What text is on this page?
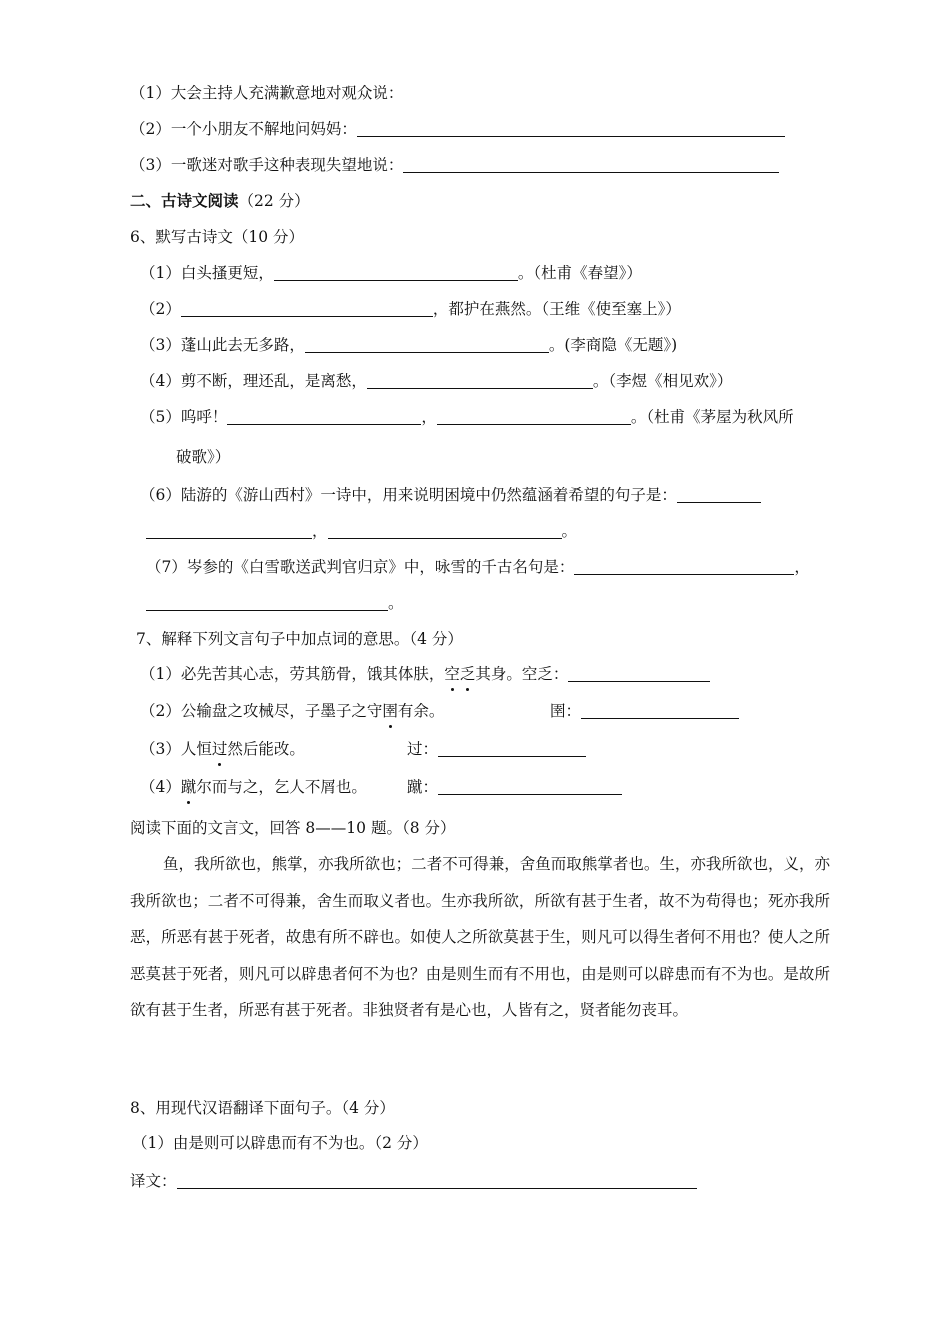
（1）大会主持人充满歉意地对观众说：
（2）一个小朋友不解地问妈妈：
（3）一歌迷对歌手这种表现失望地说：
二、古诗文阅读（22 分）
6、默写古诗文（10 分）
（1）白头搔更短，	。（杜甫《春望》）
（2）	，都护在燕然。（王维《使至塞上》）
（3）蓬山此去无多路，	。(李商隐《无题》)
（4）剪不断，理还乱，是离愁，	。（李煜《相见欢》）
（5）呜呼！	，	。（杜甫《茅屋为秋风所
破歌》）
（6）陆游的《游山西村》一诗中，用来说明困境中仍然蕴涵着希望的句子是：
，	。
（7）岑参的《白雪歌送武判官归京》中，咏雪的千古名句是：	，
。
7、解释下列文言句子中加点词的意思。（4 分）
（1）必先苦其心志，劳其筋骨，饿其体肤，空乏其身。空乏：
（2）公输盘之攻械尽，子墨子之守圉有余。	圉：
（3）人恒过然后能改。	过：
（4）蹴尔而与之，乞人不屑也。	蹴：
阅读下面的文言文，回答 8——10 题。（8 分）
鱼，我所欲也，熊掌，亦我所欲也；二者不可得兼，舍鱼而取熊掌者也。生，亦我所欲也，义，亦我所欲也；二者不可得兼，舍生而取义者也。生亦我所欲，所欲有甚于生者，故不为苟得也；死亦我所恶，所恶有甚于死者，故患有所不辟也。如使人之所欲莫甚于生，则凡可以得生者何不用也？使人之所恶莫甚于死者，则凡可以辟患者何不为也？由是则生而有不用也，由是则可以辟患而有不为也。是故所欲有甚于生者，所恶有甚于死者。非独贤者有是心也，人皆有之，贤者能勿丧耳。
8、用现代汉语翻译下面句子。（4 分）
（1）由是则可以辟患而有不为也。（2 分）
译文：
